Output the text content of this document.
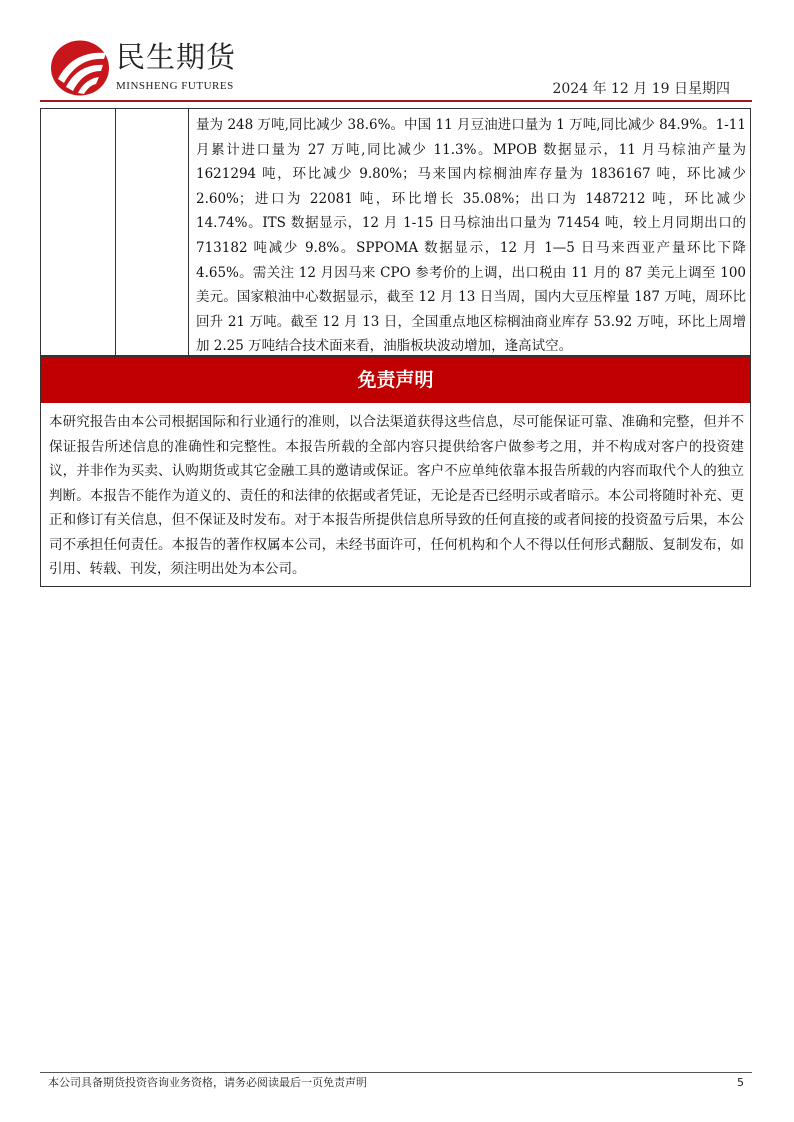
民生期货
MINSHENG FUTURES	2024 年 12 月 19 日星期四
量为 248 万吨,同比减少 38.6%。中国 11 月豆油进口量为 1 万吨,同比减少 84.9%。1-11 月累计进口量为 27 万吨,同比减少 11.3%。MPOB 数据显示，11 月马棕油产量为 1621294 吨，环比减少 9.80%；马来国内棕榈油库存量为 1836167 吨，环比减少 2.60%；进口为 22081 吨，环比增长 35.08%；出口为 1487212 吨，环比减少 14.74%。ITS 数据显示，12 月 1-15 日马棕油出口量为 71454 吨，较上月同期出口的 713182 吨减少 9.8%。SPPOMA 数据显示，12 月 1—5 日马来西亚产量环比下降 4.65%。需关注 12 月因马来 CPO 参考价的上调，出口税由 11 月的 87 美元上调至 100 美元。国家粮油中心数据显示，截至 12 月 13 日当周，国内大豆压榨量 187 万吨，周环比回升 21 万吨。截至 12 月 13 日，全国重点地区棕榈油商业库存 53.92 万吨，环比上周增加 2.25 万吨结合技术面来看，油脂板块波动增加，逢高试空。
免责声明
本研究报告由本公司根据国际和行业通行的准则，以合法渠道获得这些信息，尽可能保证可靠、准确和完整，但并不保证报告所述信息的准确性和完整性。本报告所载的全部内容只提供给客户做参考之用，并不构成对客户的投资建议，并非作为买卖、认购期货或其它金融工具的邀请或保证。客户不应单纯依靠本报告所载的内容而取代个人的独立判断。本报告不能作为道义的、责任的和法律的依据或者凭证，无论是否已经明示或者暗示。本公司将随时补充、更正和修订有关信息，但不保证及时发布。对于本报告所提供信息所导致的任何直接的或者间接的投资盈亏后果，本公司不承担任何责任。本报告的著作权属本公司，未经书面许可，任何机构和个人不得以任何形式翻版、复制发布，如引用、转载、刊发，须注明出处为本公司。
本公司具备期货投资咨询业务资格，请务必阅读最后一页免责声明	5
